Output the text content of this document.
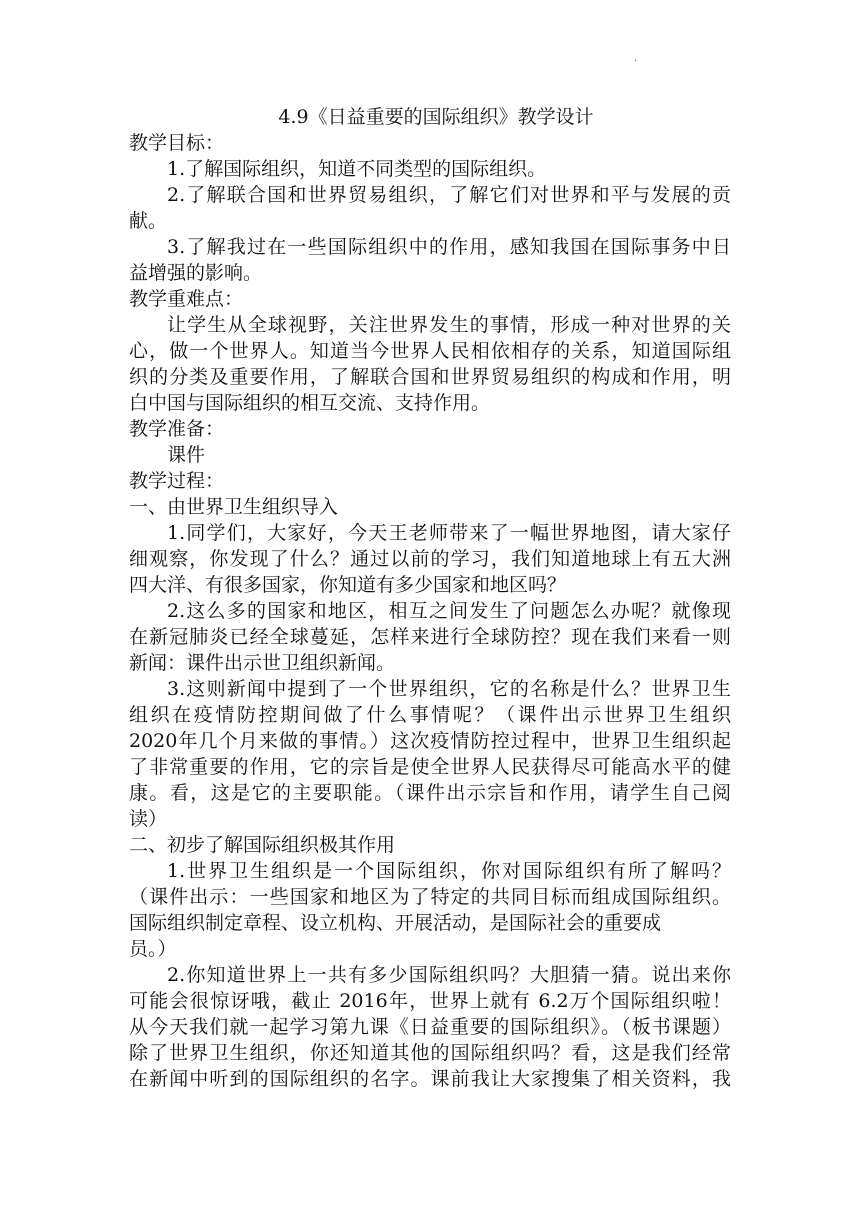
.
4.9《日益重要的国际组织》教学设计

教学目标：

1.了解国际组织，知道不同类型的国际组织。
2.了解联合国和世界贸易组织，了解它们对世界和平与发展的贡
献。
3.了解我过在一些国际组织中的作用，感知我国在国际事务中日
益增强的影响。

教学重难点：

让学生从全球视野，关注世界发生的事情，形成一种对世界的关
心，做一个世界人。知道当今世界人民相依相存的关系，知道国际组
织的分类及重要作用，了解联合国和世界贸易组织的构成和作用，明
白中国与国际组织的相互交流、支持作用。

教学准备：

课件

教学过程：

一、由世界卫生组织导入

1.同学们，大家好，今天王老师带来了一幅世界地图，请大家仔
细观察，你发现了什么？通过以前的学习，我们知道地球上有五大洲
四大洋、有很多国家，你知道有多少国家和地区吗？
2.这么多的国家和地区，相互之间发生了问题怎么办呢？就像现
在新冠肺炎已经全球蔓延，怎样来进行全球防控？现在我们来看一则
新闻：课件出示世卫组织新闻。
3.这则新闻中提到了一个世界组织，它的名称是什么？世界卫生
组织在疫情防控期间做了什么事情呢？（课件出示世界卫生组织
2020年几个月来做的事情。）这次疫情防控过程中，世界卫生组织起
了非常重要的作用，它的宗旨是使全世界人民获得尽可能高水平的健
康。看，这是它的主要职能。（课件出示宗旨和作用，请学生自己阅
读）

二、初步了解国际组织极其作用

1.世界卫生组织是一个国际组织，你对国际组织有所了解吗？
（课件出示：一些国家和地区为了特定的共同目标而组成国际组织。
国际组织制定章程、设立机构、开展活动，是国际社会的重要成
员。）
2.你知道世界上一共有多少国际组织吗？大胆猜一猜。说出来你
可能会很惊讶哦，截止 2016年，世界上就有 6.2万个国际组织啦！
从今天我们就一起学习第九课《日益重要的国际组织》。（板书课题）
除了世界卫生组织，你还知道其他的国际组织吗？看，这是我们经常
在新闻中听到的国际组织的名字。课前我让大家搜集了相关资料，我
